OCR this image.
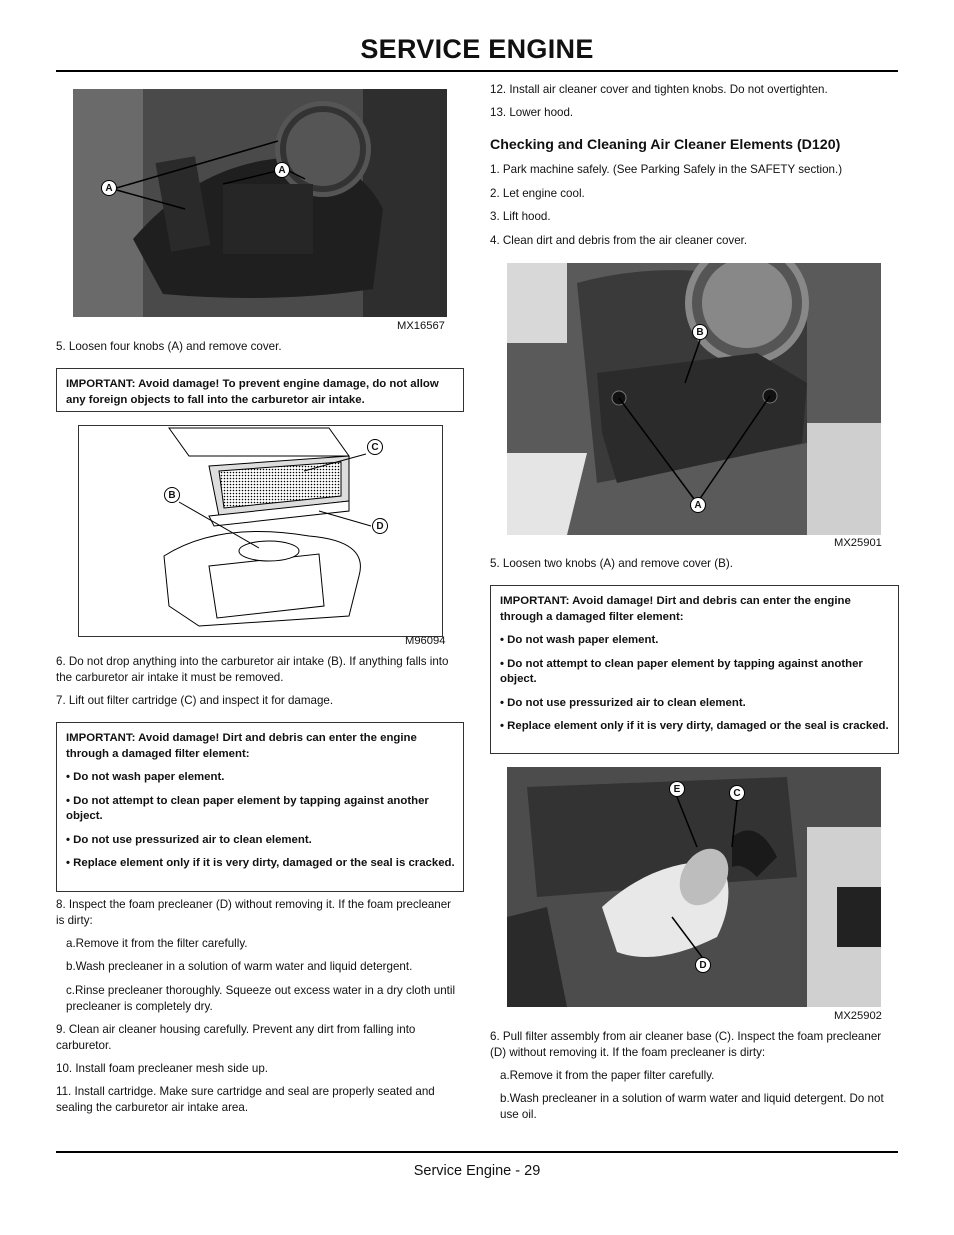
SERVICE ENGINE
A
A
MX16567
5. Loosen four knobs (A) and remove cover.

IMPORTANT: Avoid damage! To prevent engine damage, do not allow any foreign objects to fall into the carburetor air intake.

C
B
D
M96094
6. Do not drop anything into the carburetor air intake (B). If anything falls into the carburetor air intake it must be removed.
7. Lift out filter cartridge (C) and inspect it for damage.

IMPORTANT: Avoid damage! Dirt and debris can enter the engine through a damaged filter element:

• Do not wash paper element.

• Do not attempt to clean paper element by tapping against another object.

• Do not use pressurized air to clean element.

• Replace element only if it is very dirty, damaged or the seal is cracked.

8. Inspect the foam precleaner (D) without removing it. If the foam precleaner is dirty:
a.Remove it from the filter carefully.
b.Wash precleaner in a solution of warm water and liquid detergent.
c.Rinse precleaner thoroughly. Squeeze out excess water in a dry cloth until precleaner is completely dry.
9. Clean air cleaner housing carefully. Prevent any dirt from falling into carburetor.
10. Install foam precleaner mesh side up.
11. Install cartridge. Make sure cartridge and seal are properly seated and sealing the carburetor air intake area.
12. Install air cleaner cover and tighten knobs. Do not overtighten.
13. Lower hood.
Checking and Cleaning Air Cleaner Elements (D120)
1. Park machine safely. (See Parking Safely in the SAFETY section.)
2. Let engine cool.
3. Lift hood.
4. Clean dirt and debris from the air cleaner cover.
B
A
MX25901
5. Loosen two knobs (A) and remove cover (B).

IMPORTANT: Avoid damage! Dirt and debris can enter the engine through a damaged filter element:

• Do not wash paper element.

• Do not attempt to clean paper element by tapping against another object.

• Do not use pressurized air to clean element.

• Replace element only if it is very dirty, damaged or the seal is cracked.

E	C
D
MX25902
6. Pull filter assembly from air cleaner base (C). Inspect the foam precleaner (D) without removing it. If the foam precleaner is dirty:
a.Remove it from the paper filter carefully.
b.Wash precleaner in a solution of warm water and liquid detergent. Do not use oil.
Service Engine - 29
